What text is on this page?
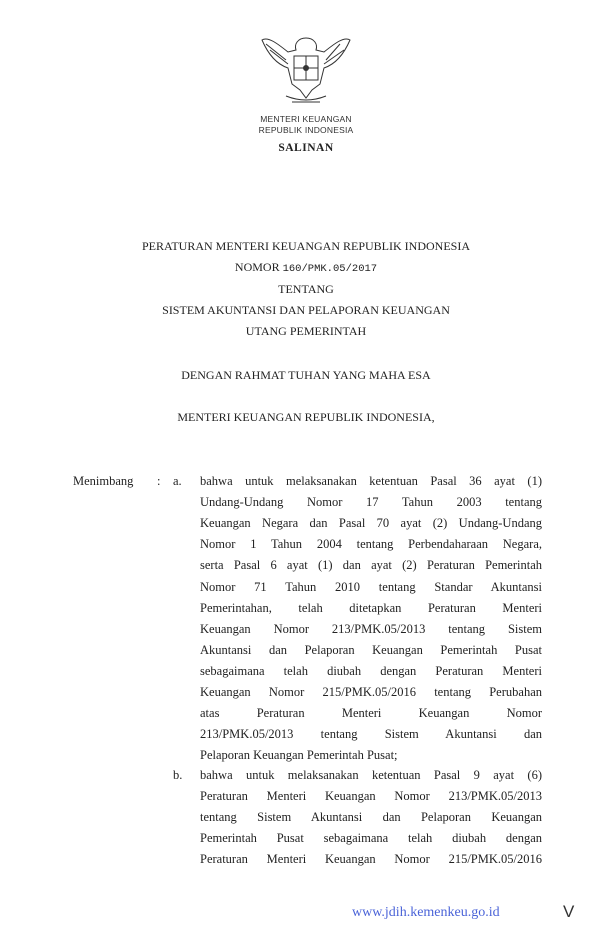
MENTERI KEUANGAN
REPUBLIK INDONESIA
SALINAN
PERATURAN MENTERI KEUANGAN REPUBLIK INDONESIA
NOMOR 160/PMK.05/2017
TENTANG
SISTEM AKUNTANSI DAN PELAPORAN KEUANGAN
UTANG PEMERINTAH
DENGAN RAHMAT TUHAN YANG MAHA ESA
MENTERI KEUANGAN REPUBLIK INDONESIA,
Menimbang : a.
b.
bahwa untuk melaksanakan ketentuan Pasal 36 ayat (1)
Undang-Undang Nomor 17 Tahun 2003 tentang
Keuangan Negara dan Pasal 70 ayat (2) Undang-Undang
Nomor 1 Tahun 2004 tentang Perbendaharaan Negara,
serta Pasal 6 ayat (1) dan ayat (2) Peraturan Pemerintah
Nomor 71 Tahun 2010 tentang Standar Akuntansi
Pemerintahan, telah ditetapkan Peraturan Menteri
Keuangan Nomor 213/PMK.05/2013 tentang Sistem
Akuntansi dan Pelaporan Keuangan Pemerintah Pusat
sebagaimana telah diubah dengan Peraturan Menteri
Keuangan Nomor 215/PMK.05/2016 tentang Perubahan
atas Peraturan Menteri Keuangan Nomor
213/PMK.05/2013 tentang Sistem Akuntansi dan
Pelaporan Keuangan Pemerintah Pusat;
bahwa untuk melaksanakan ketentuan Pasal 9 ayat (6)
Peraturan Menteri Keuangan Nomor 213/PMK.05/2013
tentang Sistem Akuntansi dan Pelaporan Keuangan
Pemerintah Pusat sebagaimana telah diubah dengan
Peraturan Menteri Keuangan Nomor 215/PMK.05/2016
www.jdih.kemenkeu.go.id	V
